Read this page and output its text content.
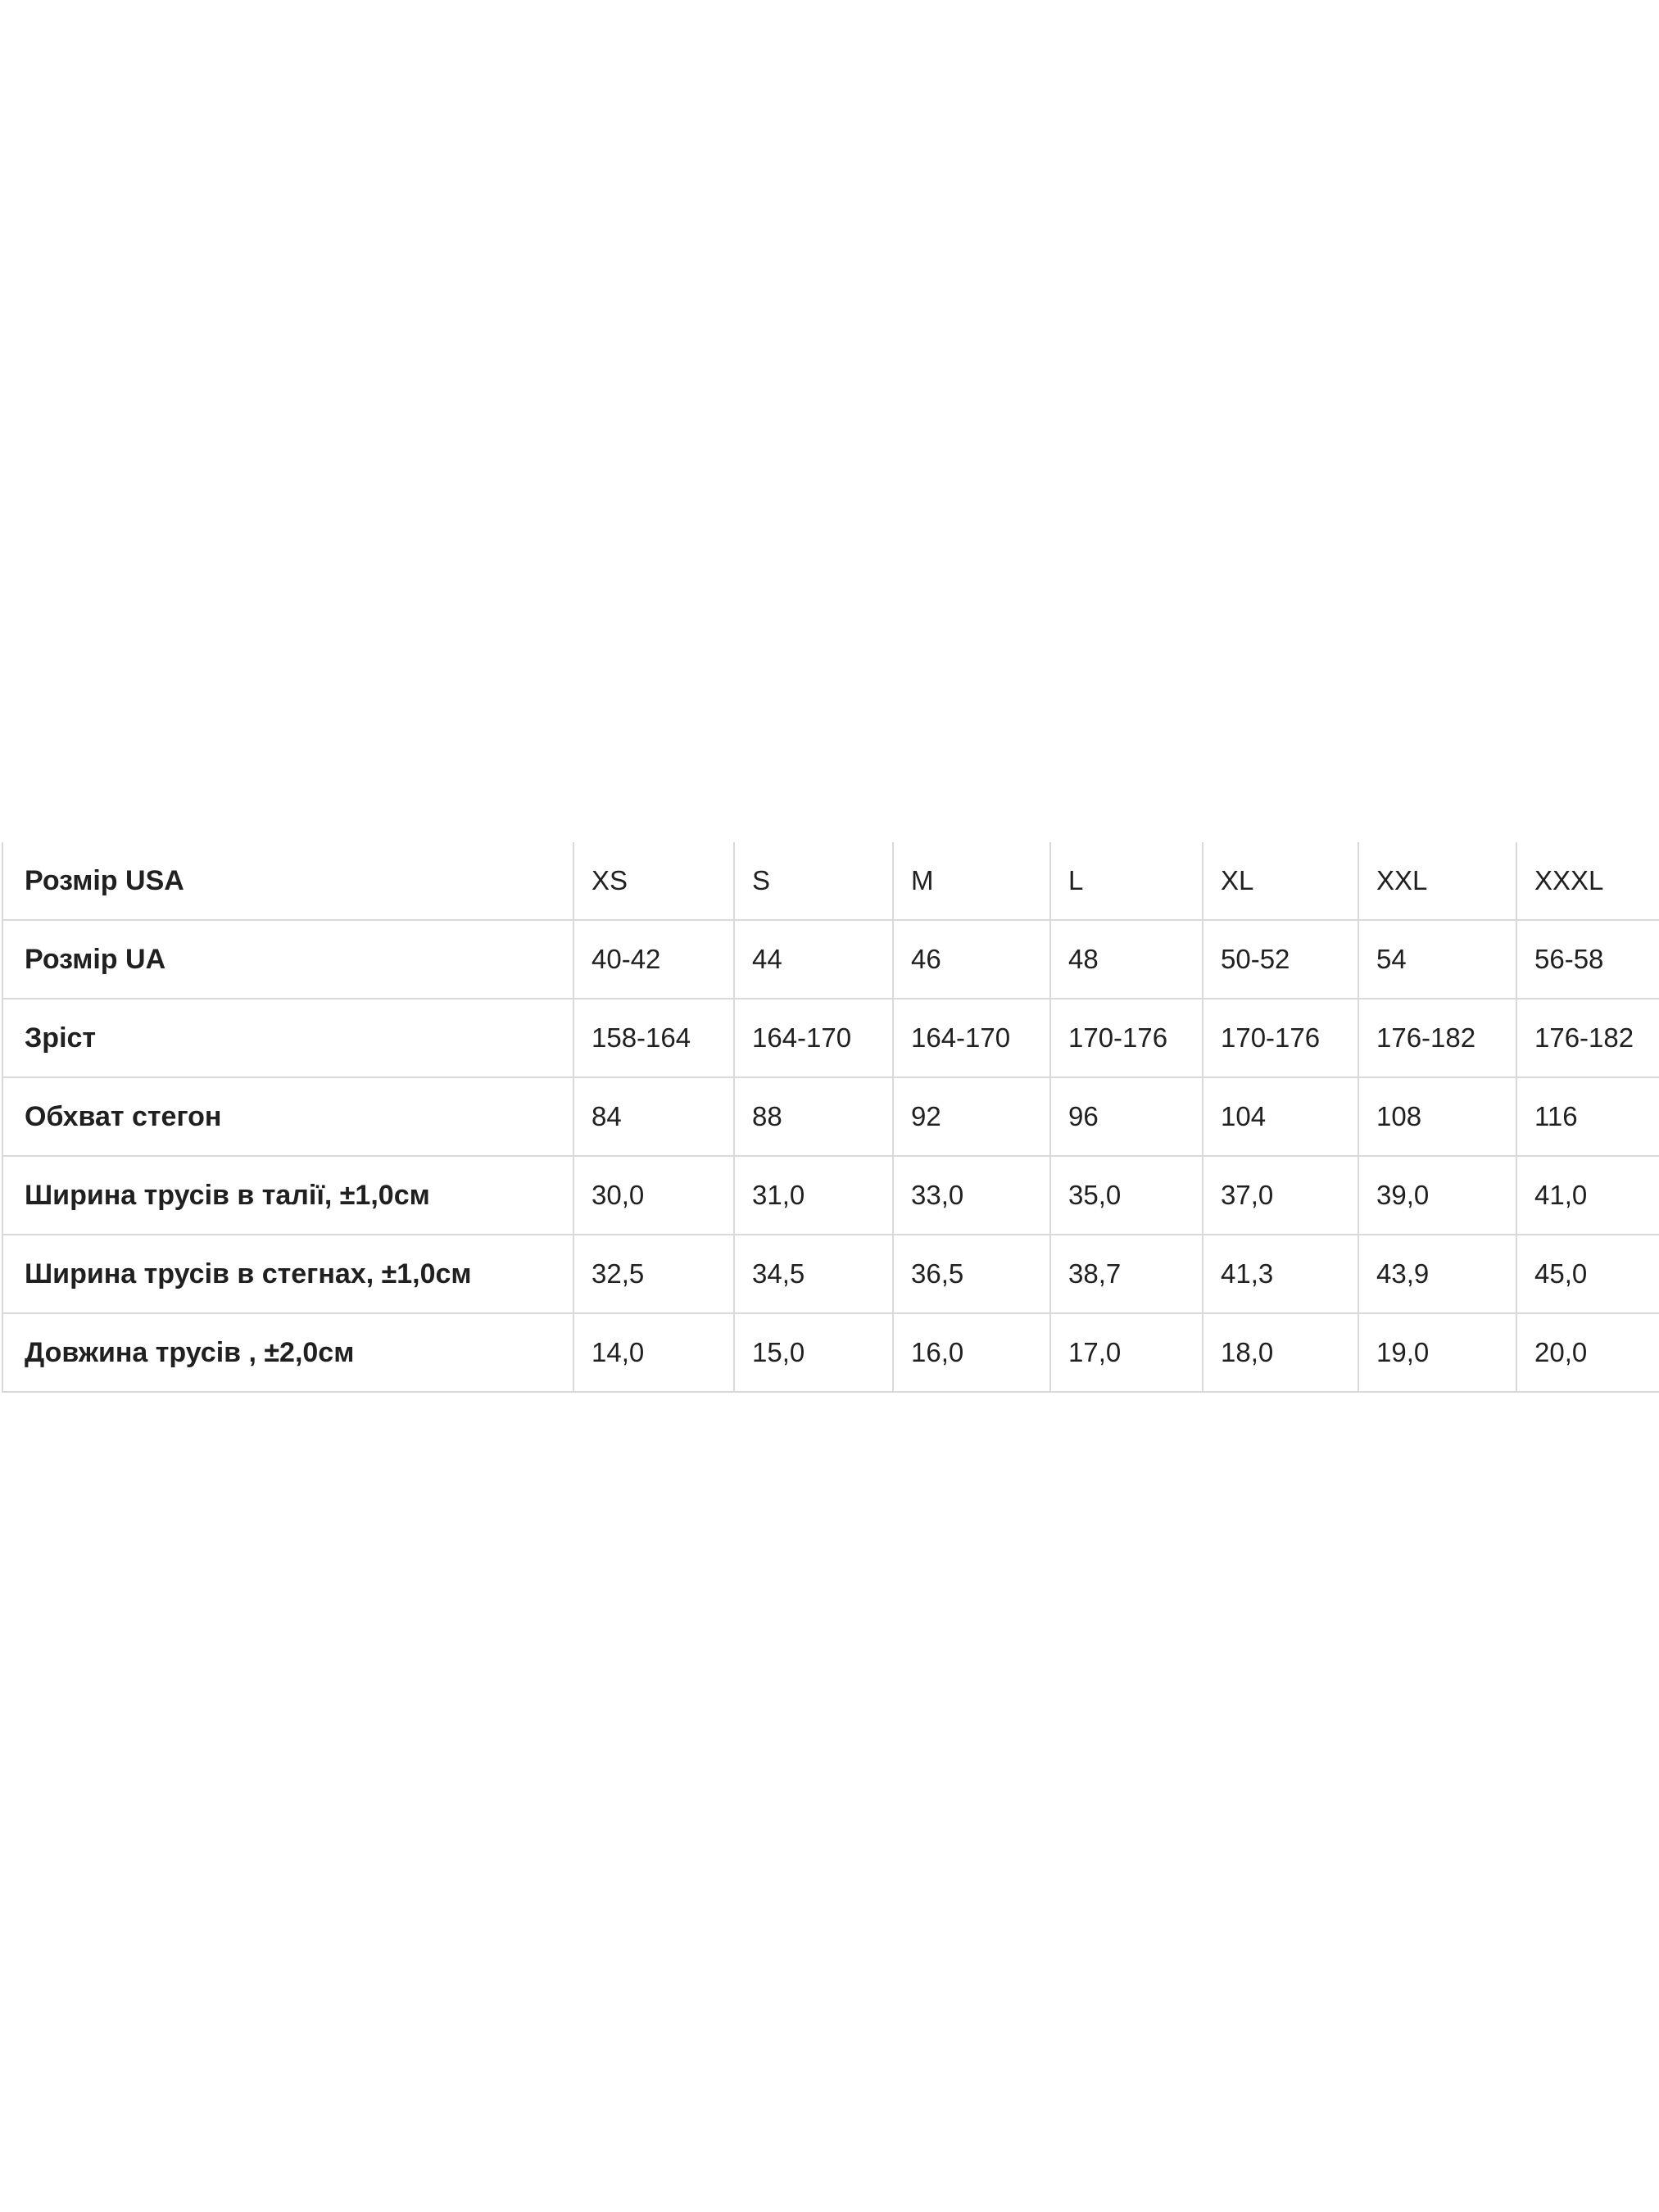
Розмір USA	XS	S	M	L	XL	XXL	XXXL
Розмір UA	40-42	44	46	48	50-52	54	56-58
Зріст	158-164	164-170	164-170	170-176	170-176	176-182	176-182
Обхват стегон	84	88	92	96	104	108	116
Ширина трусів в талії, ±1,0см	30,0	31,0	33,0	35,0	37,0	39,0	41,0
Ширина трусів в стегнах, ±1,0см	32,5	34,5	36,5	38,7	41,3	43,9	45,0
Довжина трусів , ±2,0см	14,0	15,0	16,0	17,0	18,0	19,0	20,0
